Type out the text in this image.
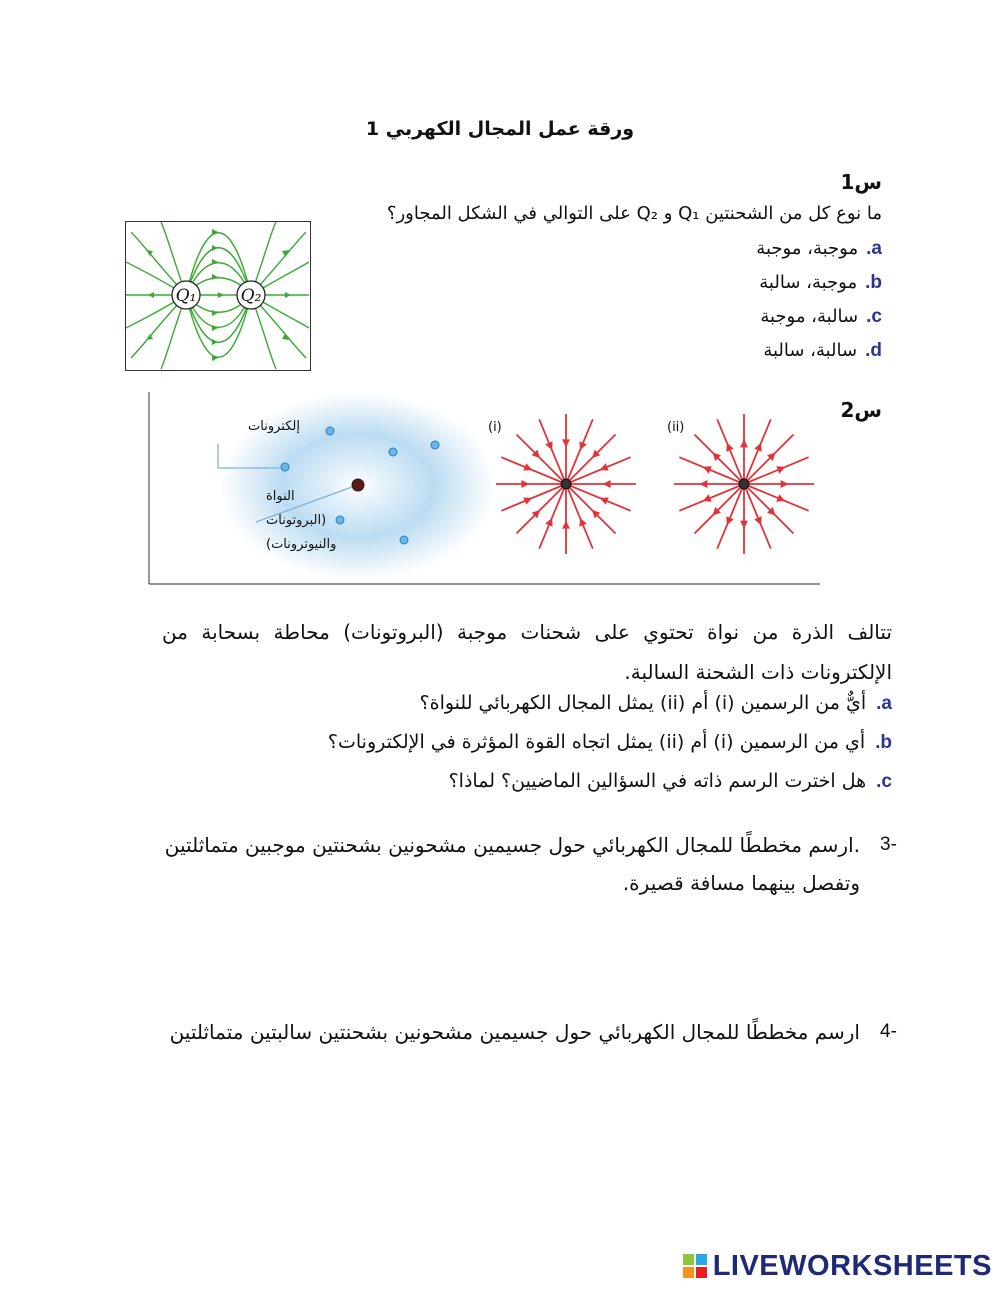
ورقة عمل المجال الكهربي 1
س1
ما نوع كل من الشحنتين Q₁ و Q₂ على التوالي في الشكل المجاور؟
Q₁	Q₂
a.
موجبة، موجبة
b.
موجبة، سالبة
c.
سالبة، موجبة
d.
سالبة، سالبة
س2
إلكترونات
النواة
(البروتونات
والنيوترونات)
(i)	(ii)
تتالف الذرة من نواة تحتوي على شحنات موجبة (البروتونات) محاطة بسحابة من الإلكترونات ذات الشحنة السالبة.
a.
أيٌّ من الرسمين (i) أم (ii) يمثل المجال الكهربائي للنواة؟
b.
أي من الرسمين (i) أم (ii) يمثل اتجاه القوة المؤثرة في الإلكترونات؟
c.
هل اخترت الرسم ذاته في السؤالين الماضيين؟ لماذا؟
-3
.ارسم مخططًا للمجال الكهربائي حول جسيمين مشحونين بشحنتين موجبين متماثلتين
وتفصل بينهما مسافة قصيرة.
-4
ارسم مخططًا للمجال الكهربائي حول جسيمين مشحونين بشحنتين سالبتين متماثلتين
LIVEWORKSHEETS
